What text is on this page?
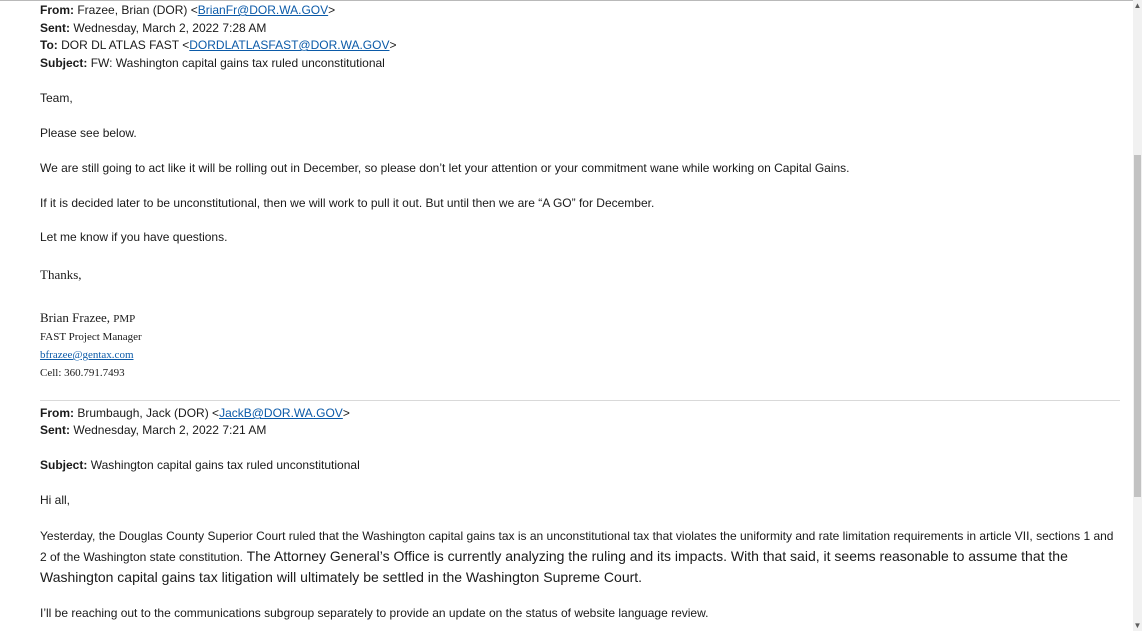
From: Frazee, Brian (DOR) <BrianFr@DOR.WA.GOV>
Sent: Wednesday, March 2, 2022 7:28 AM
To: DOR DL ATLAS FAST <DORDLATLASFAST@DOR.WA.GOV>
Subject: FW: Washington capital gains tax ruled unconstitutional
Team,
Please see below.
We are still going to act like it will be rolling out in December, so please don’t let your attention or your commitment wane while working on Capital Gains.
If it is decided later to be unconstitutional, then we will work to pull it out. But until then we are “A GO” for December.
Let me know if you have questions.
Thanks,
Brian Frazee, PMP
FAST Project Manager
bfrazee@gentax.com
Cell: 360.791.7493
From: Brumbaugh, Jack (DOR) <JackB@DOR.WA.GOV>
Sent: Wednesday, March 2, 2022 7:21 AM
Subject: Washington capital gains tax ruled unconstitutional
Hi all,
Yesterday, the Douglas County Superior Court ruled that the Washington capital gains tax is an unconstitutional tax that violates the uniformity and rate limitation requirements in article VII, sections 1 and 2 of the Washington state constitution. The Attorney General’s Office is currently analyzing the ruling and its impacts. With that said, it seems reasonable to assume that the Washington capital gains tax litigation will ultimately be settled in the Washington Supreme Court.
I’ll be reaching out to the communications subgroup separately to provide an update on the status of website language review.
▲
▼
